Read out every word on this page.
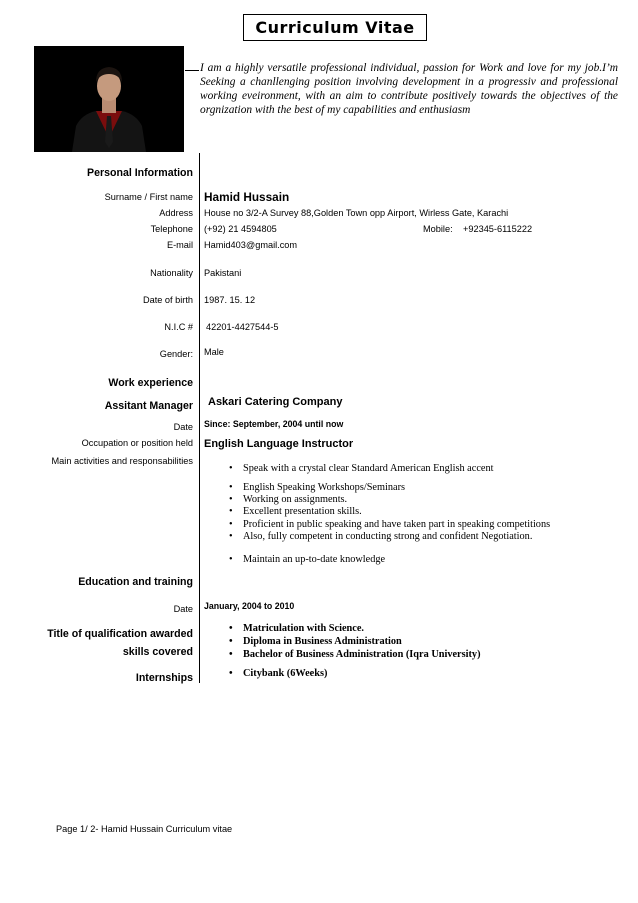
Curriculum Vitae
I am a highly versatile professional individual, passion for Work and love for my job.I’m Seeking a chanllenging position involving development in a progressiv and professional working eveironment, with an aim to contribute positively towards the objectives of the orgnization with the best of my capabilities and enthusiasm
Personal Information
Surname / First name Hamid Hussain
Address House no 3/2-A Survey 88,Golden Town opp Airport, Wirless Gate, Karachi
Telephone (+92) 21 4594805	Mobile: +92345-6115222
E-mail Hamid403@gmail.com
Nationality Pakistani
Date of birth 1987. 15. 12
N.I.C # 42201-4427544-5
Gender: Male
Work experience
Assitant Manager Askari Catering Company
Date Since: September, 2004 until now
Occupation or position held English Language Instructor
Main activities and responsabilities
• Speak with a crystal clear Standard American English accent
• English Speaking Workshops/Seminars
• Working on assignments.
• Excellent presentation skills.
• Proficient in public speaking and have taken part in speaking competitions
• Also, fully competent in conducting strong and confident Negotiation.
• Maintain an up-to-date knowledge
Education and training
Date January, 2004 to 2010
Title of qualification awarded
skills covered
• Matriculation with Science.
• Diploma in Business Administration
• Bachelor of Business Administration (Iqra University)
Internships
•	Citybank (6Weeks)
Page 1/ 2- Hamid Hussain Curriculum vitae
